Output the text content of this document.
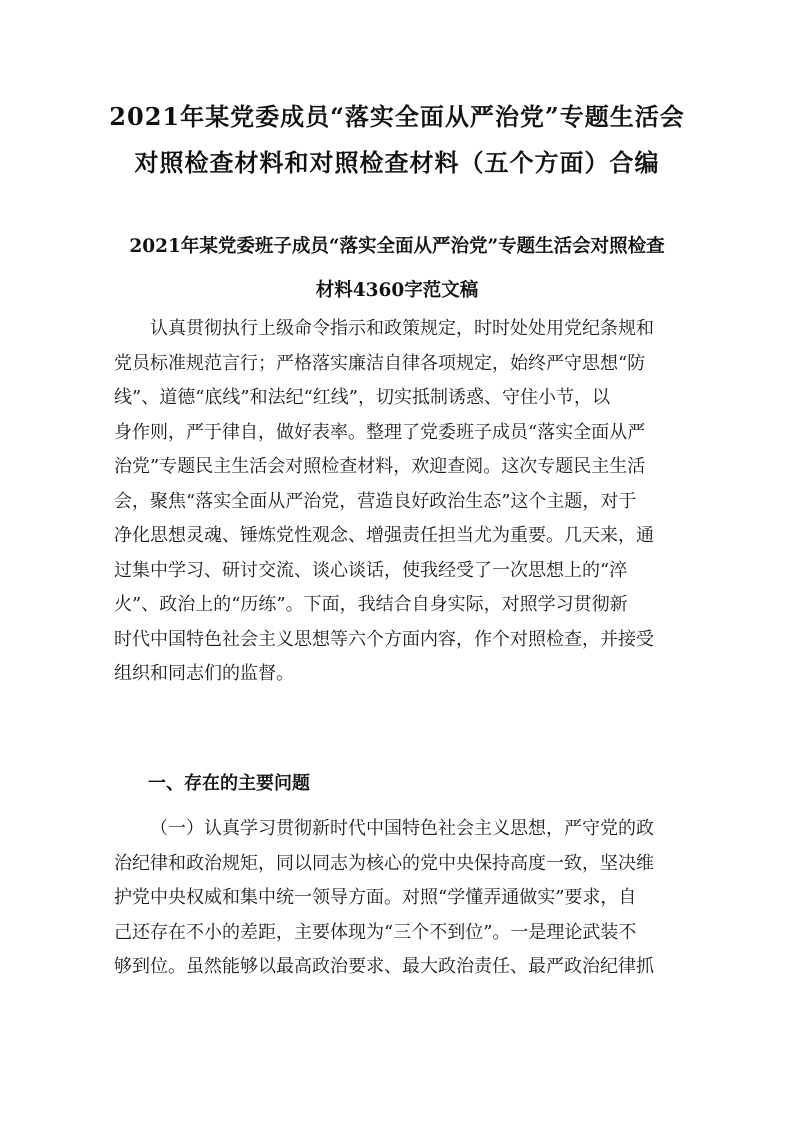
2021年某党委成员“落实全面从严治党”专题生活会
对照检查材料和对照检查材料（五个方面）合编
2021年某党委班子成员“落实全面从严治党”专题生活会对照检查
材料4360字范文稿
认真贯彻执行上级命令指示和政策规定，时时处处用党纪条规和
党员标准规范言行；严格落实廉洁自律各项规定，始终严守思想“防
线”、道德“底线”和法纪“红线”，切实抵制诱惑、守住小节，以
身作则，严于律自，做好表率。整理了党委班子成员“落实全面从严
治党”专题民主生活会对照检查材料，欢迎查阅。这次专题民主生活
会，聚焦“落实全面从严治党，营造良好政治生态”这个主题，对于
净化思想灵魂、锤炼党性观念、增强责任担当尤为重要。几天来，通
过集中学习、研讨交流、谈心谈话，使我经受了一次思想上的“淬
火”、政治上的“历练”。下面，我结合自身实际，对照学习贯彻新
时代中国特色社会主义思想等六个方面内容，作个对照检查，并接受
组织和同志们的监督。
一、存在的主要问题
（一）认真学习贯彻新时代中国特色社会主义思想，严守党的政
治纪律和政治规矩，同以同志为核心的党中央保持高度一致，坚决维
护党中央权威和集中统一领导方面。对照“学懂弄通做实”要求，自
己还存在不小的差距，主要体现为“三个不到位”。一是理论武装不
够到位。虽然能够以最高政治要求、最大政治责任、最严政治纪律抓
